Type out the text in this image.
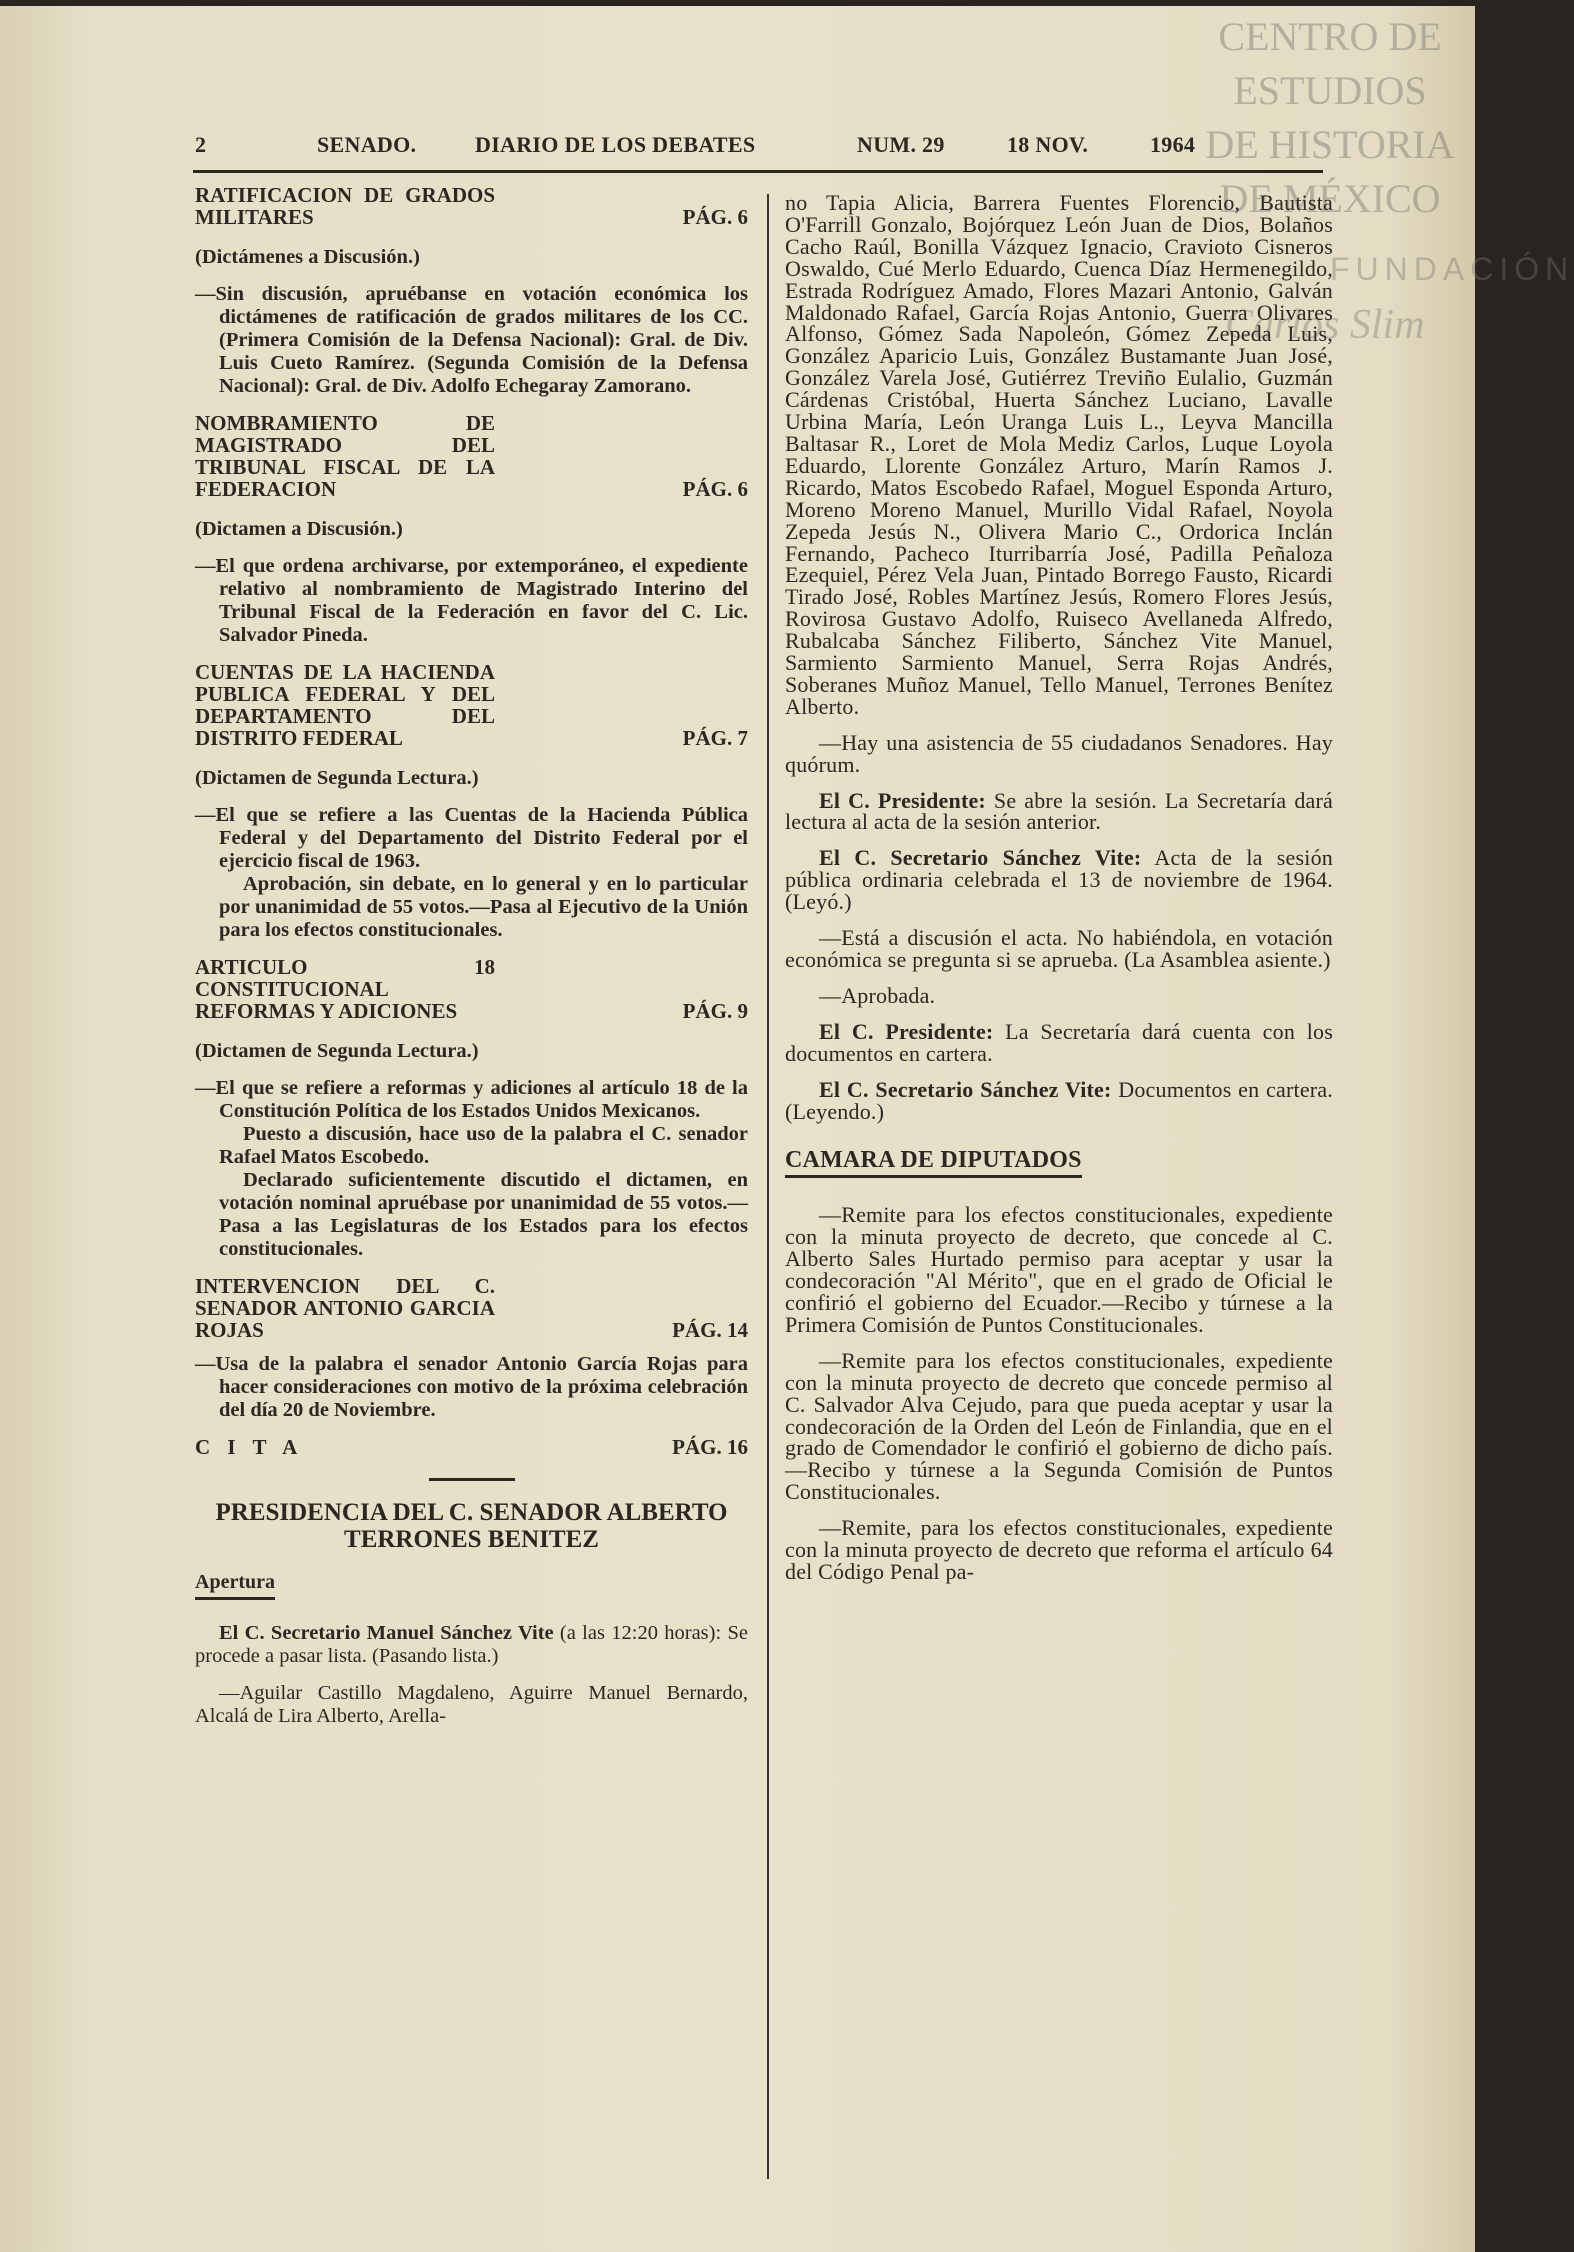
CENTRO DE
ESTUDIOS
DE HISTORIA
DE MÉXICO
FUNDACIÓN
Carlos Slim
2	SENADO.	DIARIO DE LOS DEBATES	NUM. 29	18 NOV.	1964
RATIFICACION DE GRADOS MILITARES	PÁG. 6
(Dictámenes a Discusión.)

—Sin discusión, apruébanse en votación económica los dictámenes de ratificación de grados militares de los CC. (Primera Comisión de la Defensa Nacional): Gral. de Div. Luis Cueto Ramírez. (Segunda Comisión de la Defensa Nacional): Gral. de Div. Adolfo Echegaray Zamorano.

NOMBRAMIENTO DE MAGISTRADO DEL TRIBUNAL FISCAL DE LA FEDERACION	PÁG. 6
(Dictamen a Discusión.)

—El que ordena archivarse, por extemporáneo, el expediente relativo al nombramiento de Magistrado Interino del Tribunal Fiscal de la Federación en favor del C. Lic. Salvador Pineda.

CUENTAS DE LA HACIENDA PUBLICA FEDERAL Y DEL DEPARTAMENTO DEL DISTRITO FEDERAL	PÁG. 7
(Dictamen de Segunda Lectura.)

—El que se refiere a las Cuentas de la Hacienda Pública Federal y del Departamento del Distrito Federal por el ejercicio fiscal de 1963.

Aprobación, sin debate, en lo general y en lo particular por unanimidad de 55 votos.—Pasa al Ejecutivo de la Unión para los efectos constitucionales.

ARTICULO 18 CONSTITUCIONAL REFORMAS Y ADICIONES	PÁG. 9
(Dictamen de Segunda Lectura.)

—El que se refiere a reformas y adiciones al artículo 18 de la Constitución Política de los Estados Unidos Mexicanos.

Puesto a discusión, hace uso de la palabra el C. senador Rafael Matos Escobedo.

Declarado suficientemente discutido el dictamen, en votación nominal apruébase por unanimidad de 55 votos.—Pasa a las Legislaturas de los Estados para los efectos constitucionales.

INTERVENCION DEL C. SENADOR ANTONIO GARCIA ROJAS	PÁG. 14

—Usa de la palabra el senador Antonio García Rojas para hacer consideraciones con motivo de la próxima celebración del día 20 de Noviembre.

C I T A	PÁG. 16
PRESIDENCIA DEL C. SENADOR ALBERTO TERRONES BENITEZ
Apertura
El C. Secretario Manuel Sánchez Vite (a las 12:20 horas): Se procede a pasar lista. (Pasando lista.)
—Aguilar Castillo Magdaleno, Aguirre Manuel Bernardo, Alcalá de Lira Alberto, Arella-

no Tapia Alicia, Barrera Fuentes Florencio, Bautista O'Farrill Gonzalo, Bojórquez León Juan de Dios, Bolaños Cacho Raúl, Bonilla Vázquez Ignacio, Cravioto Cisneros Oswaldo, Cué Merlo Eduardo, Cuenca Díaz Hermenegildo, Estrada Rodríguez Amado, Flores Mazari Antonio, Galván Maldonado Rafael, García Rojas Antonio, Guerra Olivares Alfonso, Gómez Sada Napoleón, Gómez Zepeda Luis, González Aparicio Luis, González Bustamante Juan José, González Varela José, Gutiérrez Treviño Eulalio, Guzmán Cárdenas Cristóbal, Huerta Sánchez Luciano, Lavalle Urbina María, León Uranga Luis L., Leyva Mancilla Baltasar R., Loret de Mola Mediz Carlos, Luque Loyola Eduardo, Llorente González Arturo, Marín Ramos J. Ricardo, Matos Escobedo Rafael, Moguel Esponda Arturo, Moreno Moreno Manuel, Murillo Vidal Rafael, Noyola Zepeda Jesús N., Olivera Mario C., Ordorica Inclán Fernando, Pacheco Iturribarría José, Padilla Peñaloza Ezequiel, Pérez Vela Juan, Pintado Borrego Fausto, Ricardi Tirado José, Robles Martínez Jesús, Romero Flores Jesús, Rovirosa Gustavo Adolfo, Ruiseco Avellaneda Alfredo, Rubalcaba Sánchez Filiberto, Sánchez Vite Manuel, Sarmiento Sarmiento Manuel, Serra Rojas Andrés, Soberanes Muñoz Manuel, Tello Manuel, Terrones Benítez Alberto.

—Hay una asistencia de 55 ciudadanos Senadores. Hay quórum.

El C. Presidente: Se abre la sesión. La Secretaría dará lectura al acta de la sesión anterior.

El C. Secretario Sánchez Vite: Acta de la sesión pública ordinaria celebrada el 13 de noviembre de 1964. (Leyó.)

—Está a discusión el acta. No habiéndola, en votación económica se pregunta si se aprueba. (La Asamblea asiente.)

—Aprobada.

El C. Presidente: La Secretaría dará cuenta con los documentos en cartera.

El C. Secretario Sánchez Vite: Documentos en cartera. (Leyendo.)

CAMARA DE DIPUTADOS

—Remite para los efectos constitucionales, expediente con la minuta proyecto de decreto, que concede al C. Alberto Sales Hurtado permiso para aceptar y usar la condecoración "Al Mérito", que en el grado de Oficial le confirió el gobierno del Ecuador.—Recibo y túrnese a la Primera Comisión de Puntos Constitucionales.

—Remite para los efectos constitucionales, expediente con la minuta proyecto de decreto que concede permiso al C. Salvador Alva Cejudo, para que pueda aceptar y usar la condecoración de la Orden del León de Finlandia, que en el grado de Comendador le confirió el gobierno de dicho país.—Recibo y túrnese a la Segunda Comisión de Puntos Constitucionales.

—Remite, para los efectos constitucionales, expediente con la minuta proyecto de decreto que reforma el artículo 64 del Código Penal pa-
